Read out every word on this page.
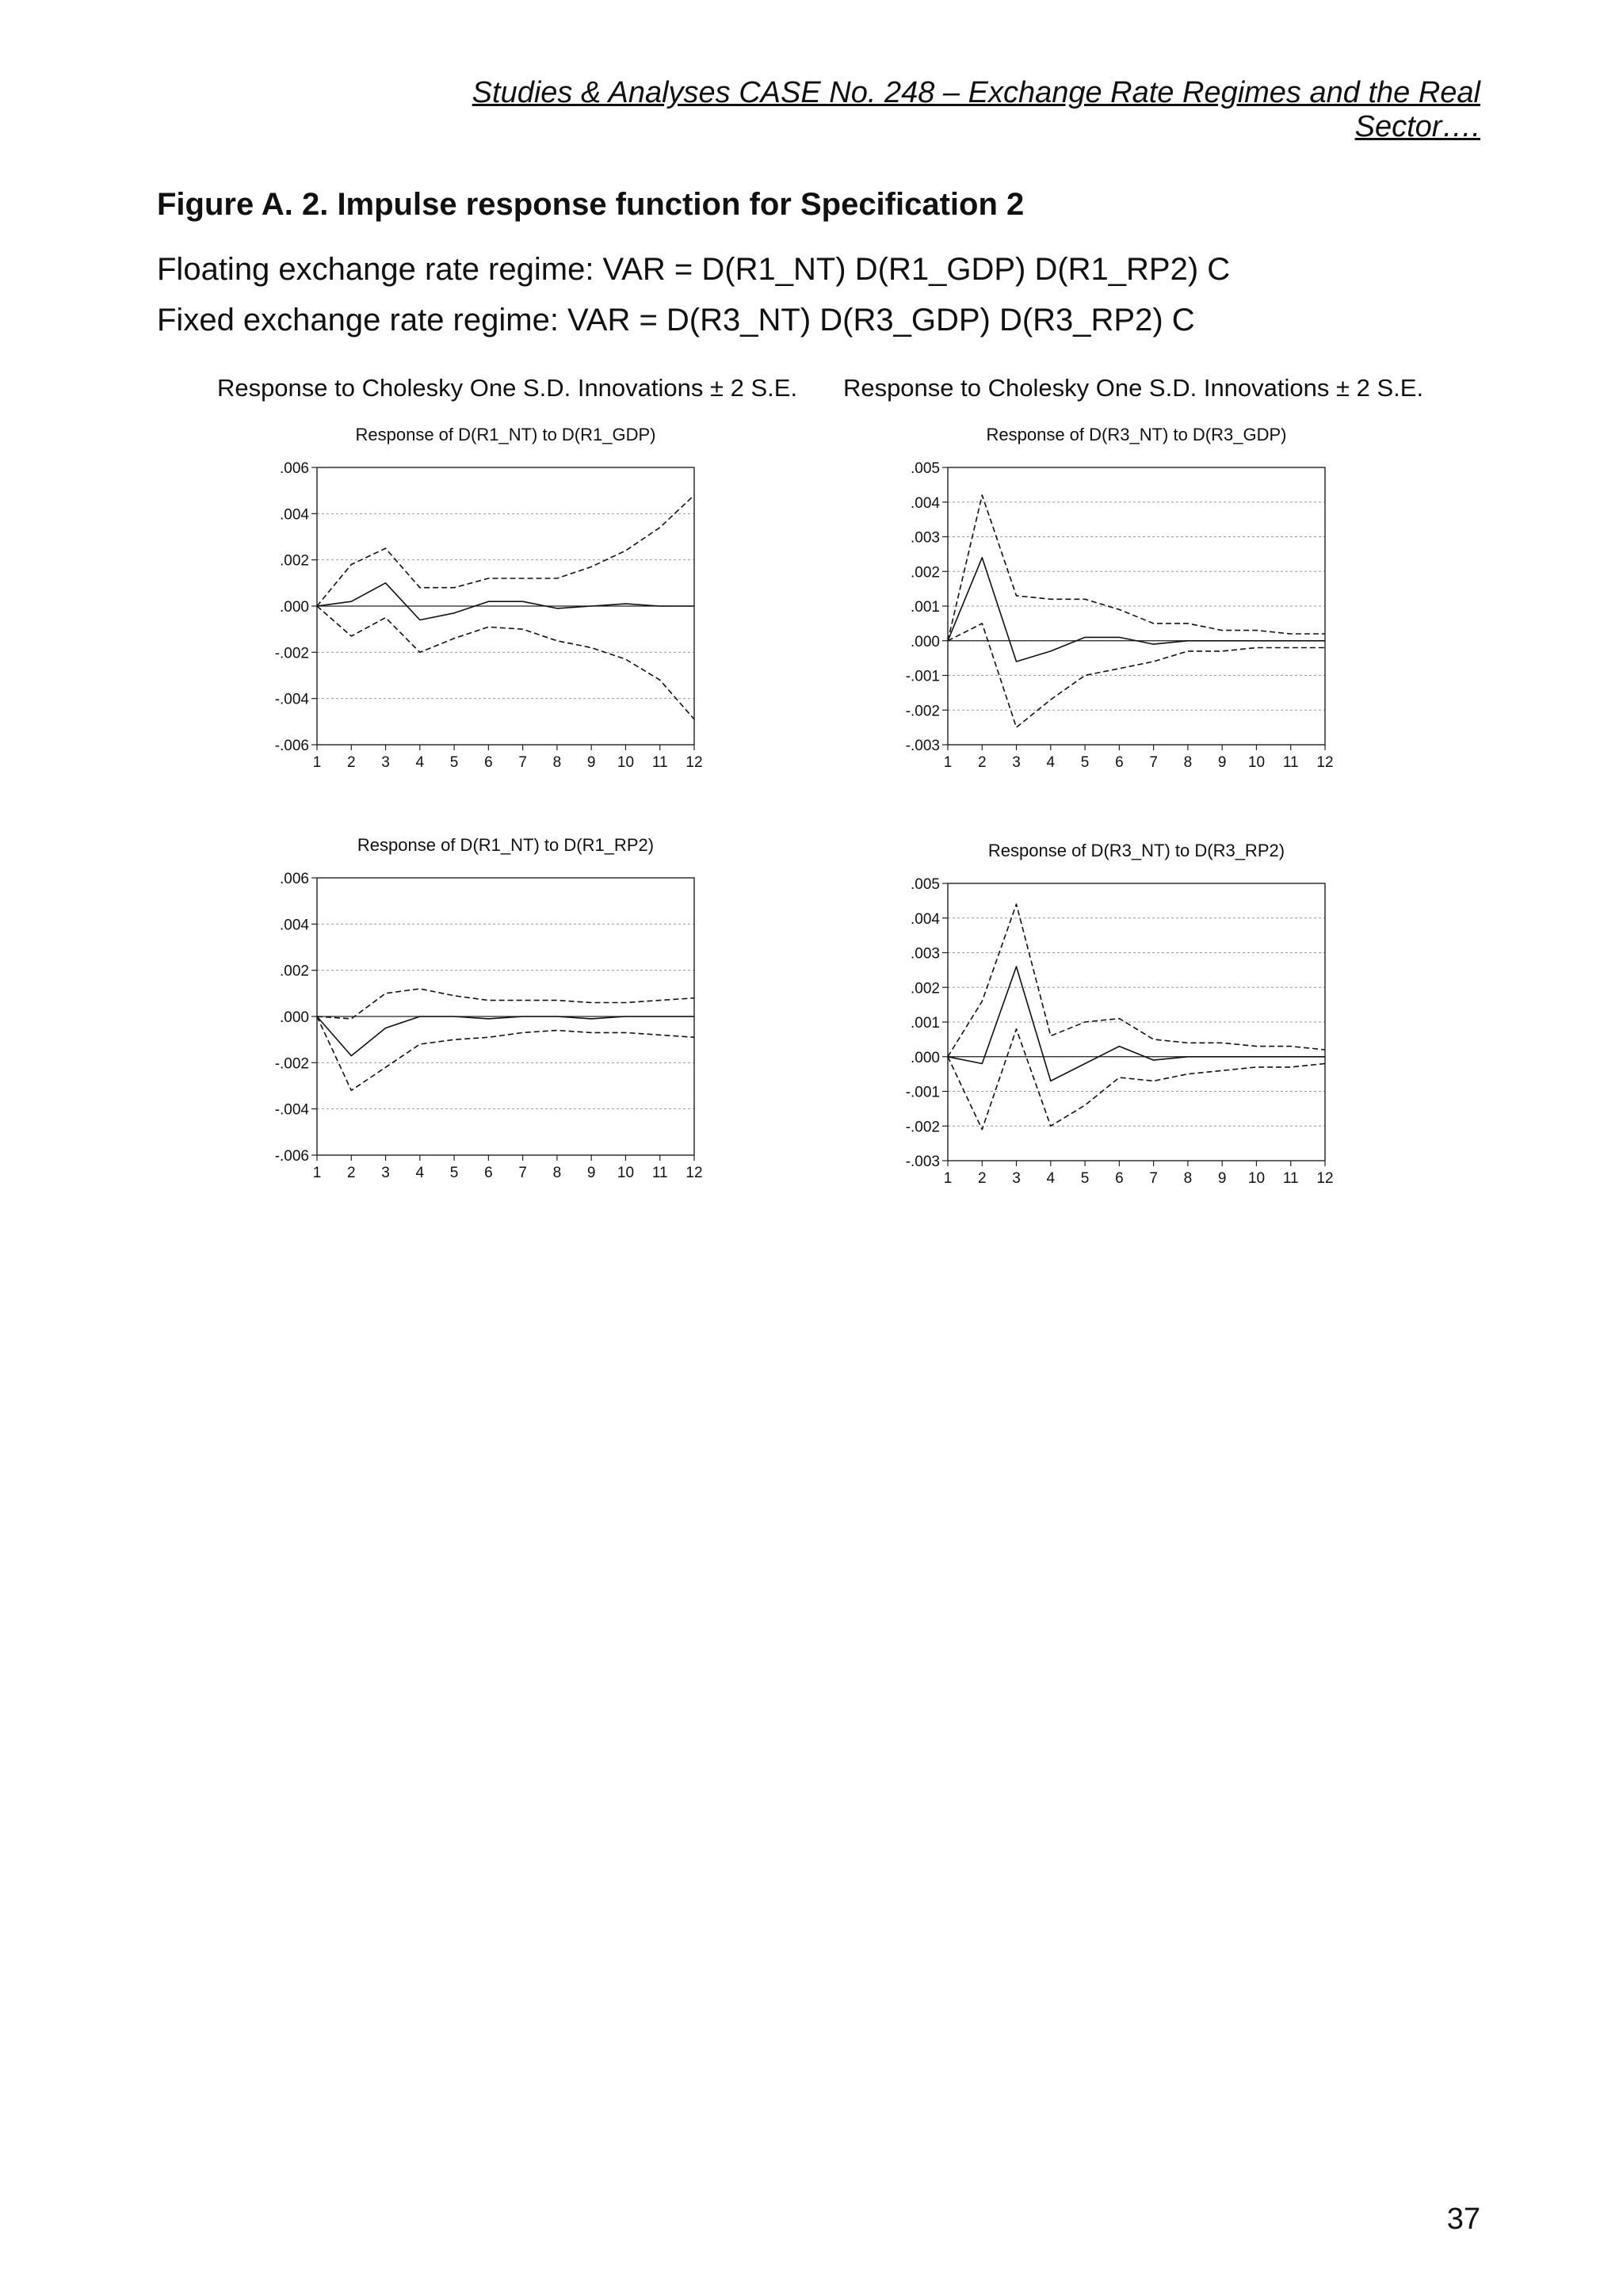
Studies & Analyses CASE No. 248 – Exchange Rate Regimes and the Real Sector….
Figure A. 2. Impulse response function for Specification 2
Floating exchange rate regime: VAR = D(R1_NT) D(R1_GDP) D(R1_RP2) C
Fixed exchange rate regime: VAR = D(R3_NT) D(R3_GDP) D(R3_RP2) C
Response to Cholesky One S.D. Innovations ± 2 S.E.	Response to Cholesky One S.D. Innovations ± 2 S.E.
Response of D(R1_NT) to D(R1_GDP)
.006
.004
.002
.000
-.002
-.004
-.006
1 2 3 4 5 6 7 8 9 10 11 12
Response of D(R3_NT) to D(R3_GDP)
.005
.004
.003
.002
.001
.000
-.001
-.002
-.003
1 2 3 4 5 6 7 8 9 10 11 12
Response of D(R1_NT) to D(R1_RP2)
.006
.004
.002
.000
-.002
-.004
-.006
1 2 3 4 5 6 7 8 9 10 11 12
Response of D(R3_NT) to D(R3_RP2)
.005
.004
.003
.002
.001
.000
-.001
-.002
-.003
1 2 3 4 5 6 7 8 9 10 11 12
37
